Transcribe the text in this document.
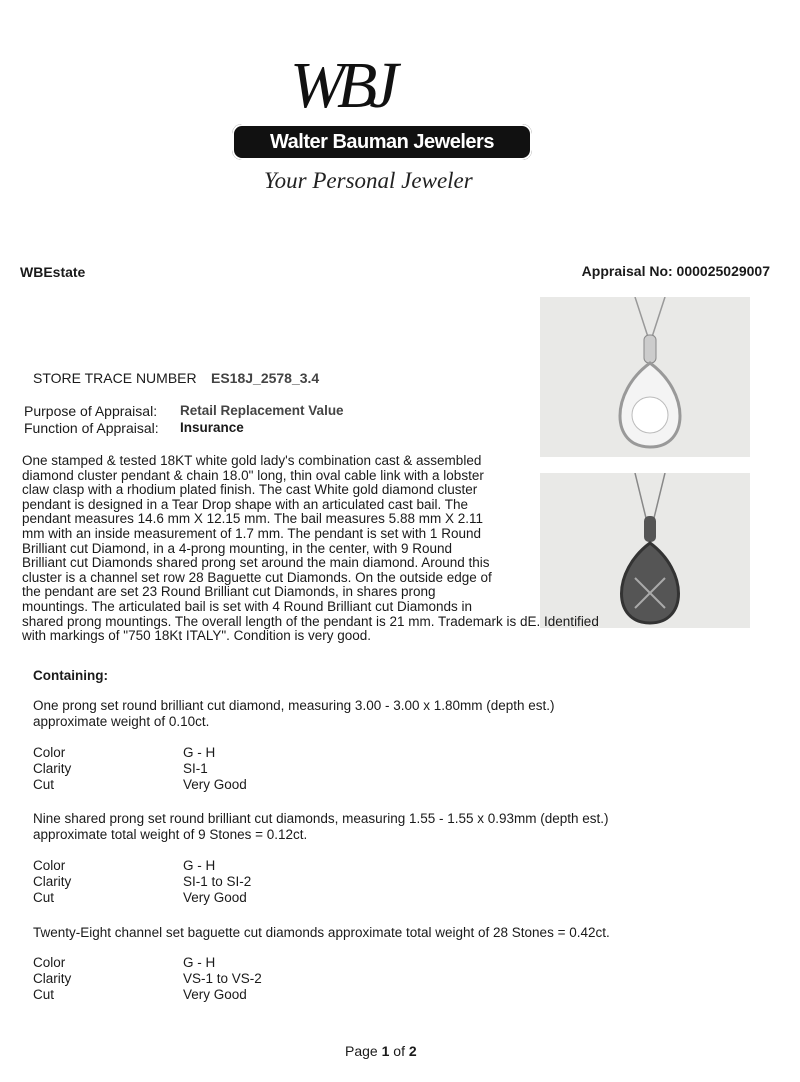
WBJ
Walter Bauman Jewelers
Your Personal Jeweler
WBEstate	Appraisal No: 000025029007
STORE TRACE NUMBER ES18J_2578_3.4
Purpose of Appraisal: Retail Replacement Value
Function of Appraisal: Insurance
One stamped & tested 18KT white gold lady's combination cast & assembled
diamond cluster pendant & chain 18.0" long, thin oval cable link with a lobster
claw clasp with a rhodium plated finish. The cast White gold diamond cluster
pendant is designed in a Tear Drop shape with an articulated cast bail. The
pendant measures 14.6 mm X 12.15 mm. The bail measures 5.88 mm X 2.11
mm with an inside measurement of 1.7 mm. The pendant is set with 1 Round
Brilliant cut Diamond, in a 4-prong mounting, in the center, with 9 Round
Brilliant cut Diamonds shared prong set around the main diamond. Around this
cluster is a channel set row 28 Baguette cut Diamonds. On the outside edge of
the pendant are set 23 Round Brilliant cut Diamonds, in shares prong
mountings. The articulated bail is set with 4 Round Brilliant cut Diamonds in
shared prong mountings. The overall length of the pendant is 21 mm. Trademark is dE. Identified
with markings of "750 18Kt ITALY". Condition is very good.
Containing:
One prong set round brilliant cut diamond, measuring 3.00 - 3.00 x 1.80mm (depth est.)
approximate weight of 0.10ct.
Color	G - H
Clarity	SI-1
Cut	Very Good
Nine shared prong set round brilliant cut diamonds, measuring 1.55 - 1.55 x 0.93mm (depth est.)
approximate total weight of 9 Stones = 0.12ct.
Color	G - H
Clarity	SI-1 to SI-2
Cut	Very Good
Twenty-Eight channel set baguette cut diamonds approximate total weight of 28 Stones = 0.42ct.
Color	G - H
Clarity	VS-1 to VS-2
Cut	Very Good
Page 1 of 2
